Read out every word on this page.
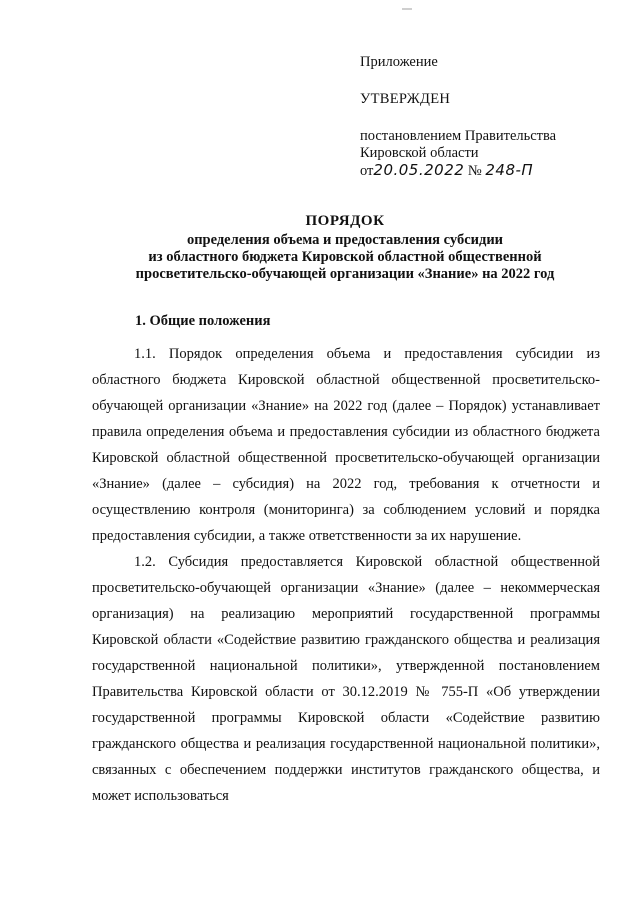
Приложение
УТВЕРЖДЕН
постановлением Правительства
Кировской области
от20.05.2022 № 248-П
ПОРЯДОК
определения объема и предоставления субсидии
из областного бюджета Кировской областной общественной
просветительско-обучающей организации «Знание» на 2022 год
1. Общие положения

1.1. Порядок определения объема и предоставления субсидии из областного бюджета Кировской областной общественной просветительско-обучающей организации «Знание» на 2022 год (далее – Порядок) устанавливает правила определения объема и предоставления субсидии из областного бюджета Кировской областной общественной просветительско-обучающей организации «Знание» (далее – субсидия) на 2022 год, требования к отчетности и осуществлению контроля (мониторинга) за соблюдением условий и порядка предоставления субсидии, а также ответственности за их нарушение.

1.2. Субсидия предоставляется Кировской областной общественной просветительско-обучающей организации «Знание» (далее – некоммерческая организация) на реализацию мероприятий государственной программы Кировской области «Содействие развитию гражданского общества и реализация государственной национальной политики», утвержденной постановлением Правительства Кировской области от 30.12.2019 № 755-П «Об утверждении государственной программы Кировской области «Содействие развитию гражданского общества и реализация государственной национальной политики», связанных с обеспечением поддержки институтов гражданского общества, и может использоваться
